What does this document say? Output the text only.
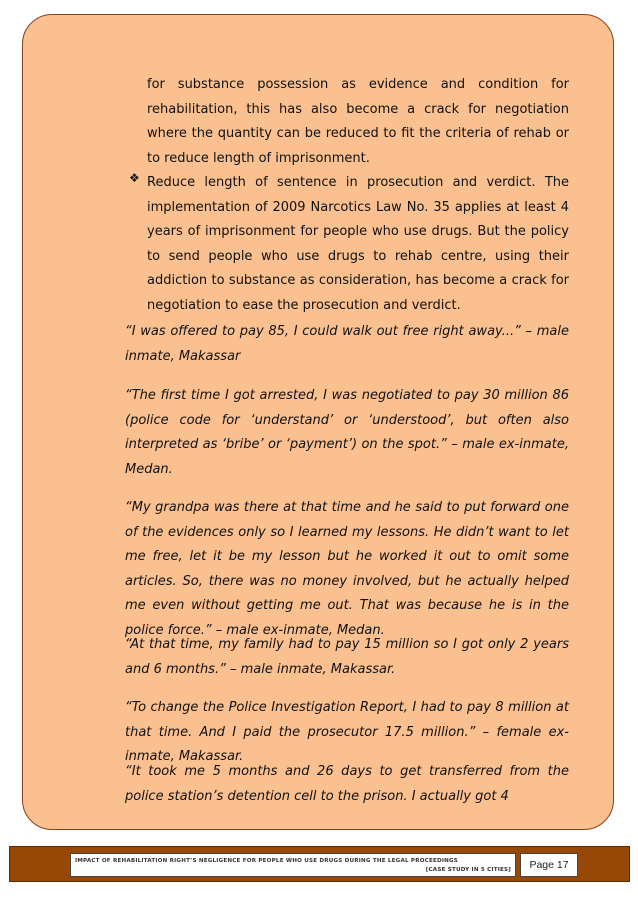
for substance possession as evidence and condition for rehabilitation, this has also become a crack for negotiation where the quantity can be reduced to fit the criteria of rehab or to reduce length of imprisonment.

❖ Reduce length of sentence in prosecution and verdict. The implementation of 2009 Narcotics Law No. 35 applies at least 4 years of imprisonment for people who use drugs. But the policy to send people who use drugs to rehab centre, using their addiction to substance as consideration, has become a crack for negotiation to ease the prosecution and verdict.

“I was offered to pay 85, I could walk out free right away...” – male inmate, Makassar

“The first time I got arrested, I was negotiated to pay 30 million 86 (police code for ‘understand’ or ‘understood’, but often also interpreted as ‘bribe’ or ‘payment’) on the spot.” – male ex-inmate, Medan.

“My grandpa was there at that time and he said to put forward one of the evidences only so I learned my lessons. He didn’t want to let me free, let it be my lesson but he worked it out to omit some articles. So, there was no money involved, but he actually helped me even without getting me out. That was because he is in the police force.” – male ex-inmate, Medan.

“At that time, my family had to pay 15 million so I got only 2 years and 6 months.” – male inmate, Makassar.

“To change the Police Investigation Report, I had to pay 8 million at that time. And I paid the prosecutor 17.5 million.” – female ex-inmate, Makassar.

“It took me 5 months and 26 days to get transferred from the police station’s detention cell to the prison. I actually got 4

IMPACT OF REHABILITATION RIGHT’S NEGLIGENCE FOR PEOPLE WHO USE DRUGS DURING THE LEGAL PROCEEDINGS
[CASE STUDY IN 5 CITIES]	Page 17
